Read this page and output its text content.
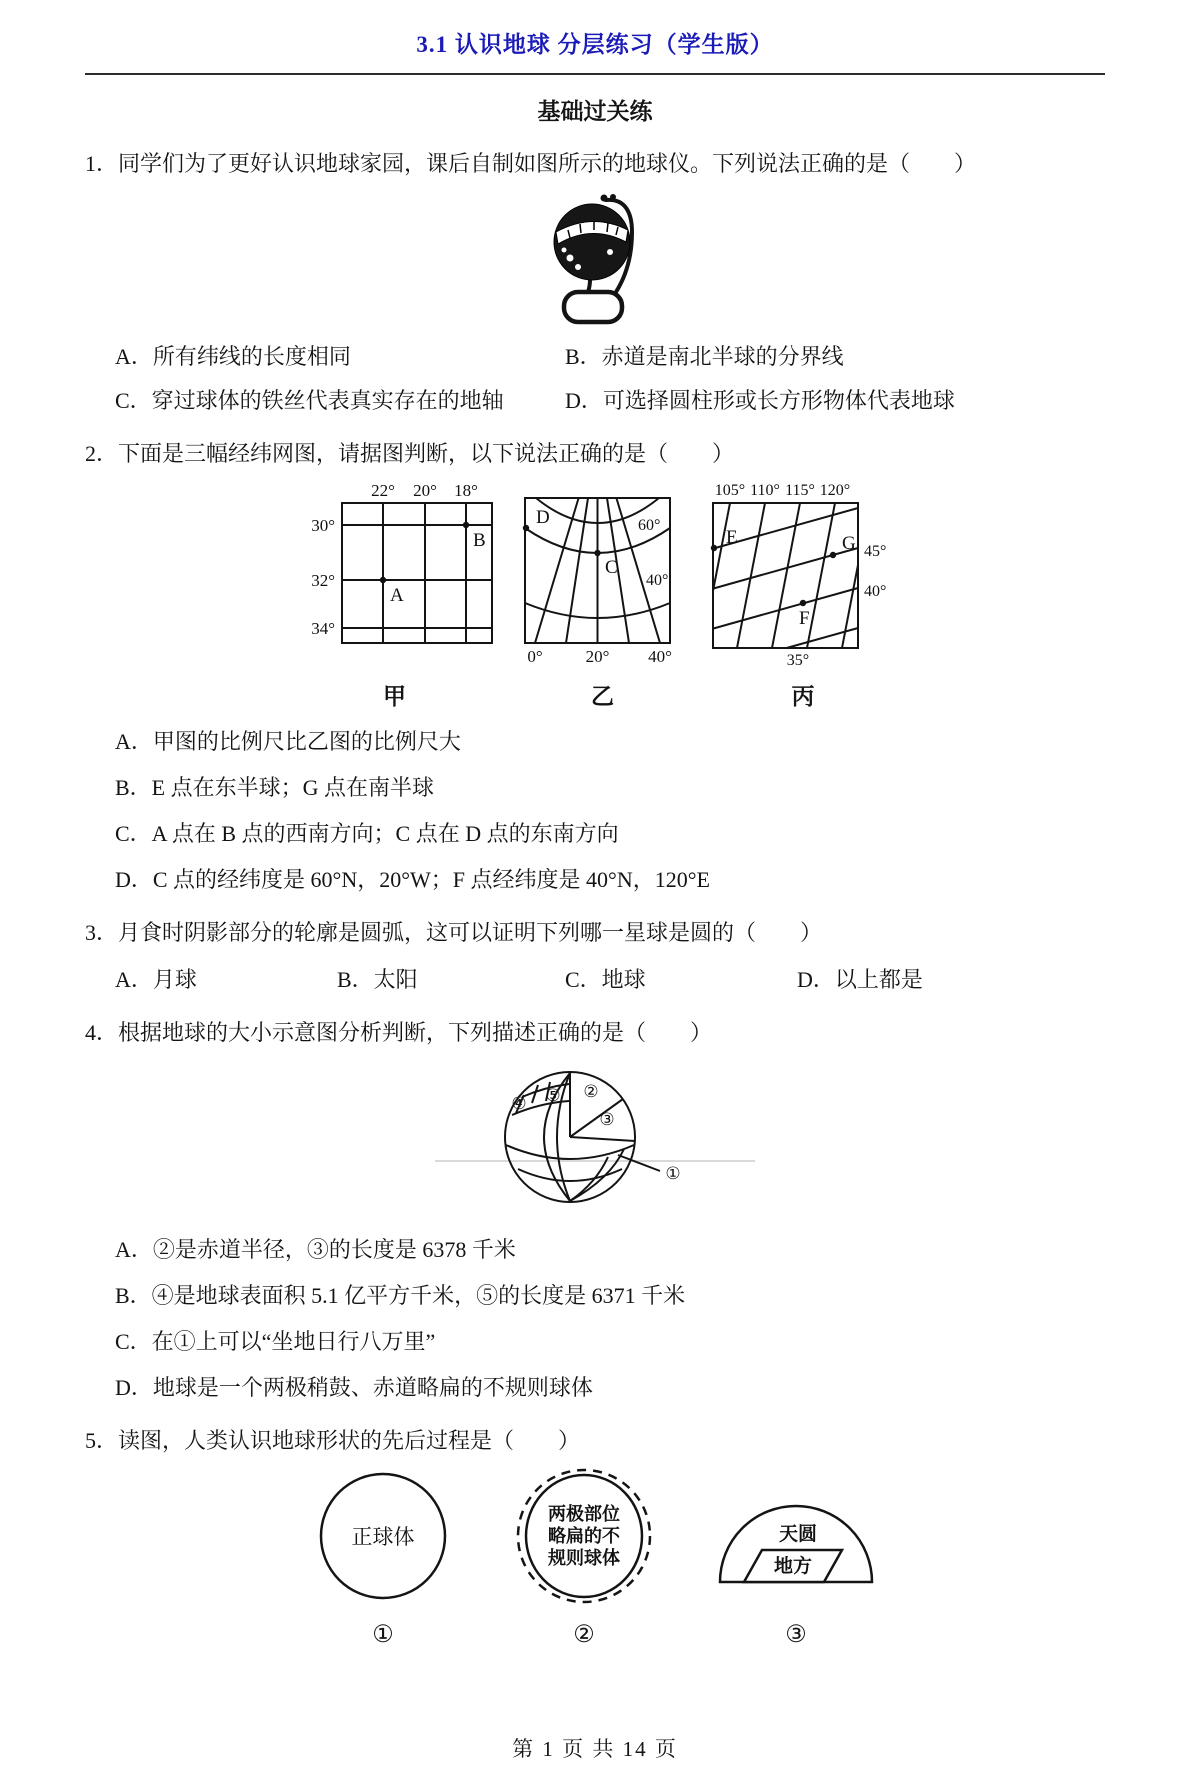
3.1 认识地球 分层练习（学生版）
基础过关练
1．同学们为了更好认识地球家园，课后自制如图所示的地球仪。下列说法正确的是（　　）
A．所有纬线的长度相同	B．赤道是南北半球的分界线
C．穿过球体的铁丝代表真实存在的地轴	D．可选择圆柱形或长方形物体代表地球
2．下面是三幅经纬网图，请据图判断，以下说法正确的是（　　）
22° 20° 18°
30°
32°
34°
B
A
甲
0°	20° 40°
60°
40°
D
C
乙
105° 110° 115° 120°
45°
40°
35°
E	G
F
丙
A．甲图的比例尺比乙图的比例尺大
B．E 点在东半球；G 点在南半球
C．A 点在 B 点的西南方向；C 点在 D 点的东南方向
D．C 点的经纬度是 60°N，20°W；F 点经纬度是 40°N，120°E
3．月食时阴影部分的轮廓是圆弧，这可以证明下列哪一星球是圆的（　　）
A．月球	B．太阳	C．地球	D．以上都是
4．根据地球的大小示意图分析判断，下列描述正确的是（　　）
④ ⑤ ②
③
①
A．②是赤道半径，③的长度是 6378 千米
B．④是地球表面积 5.1 亿平方千米，⑤的长度是 6371 千米
C．在①上可以“坐地日行八万里”
D．地球是一个两极稍鼓、赤道略扁的不规则球体
5．读图，人类认识地球形状的先后过程是（　　）
正球体
①
两极部位
略扁的不
规则球体
②
天圆
地方
③
第 1 页 共 14 页
